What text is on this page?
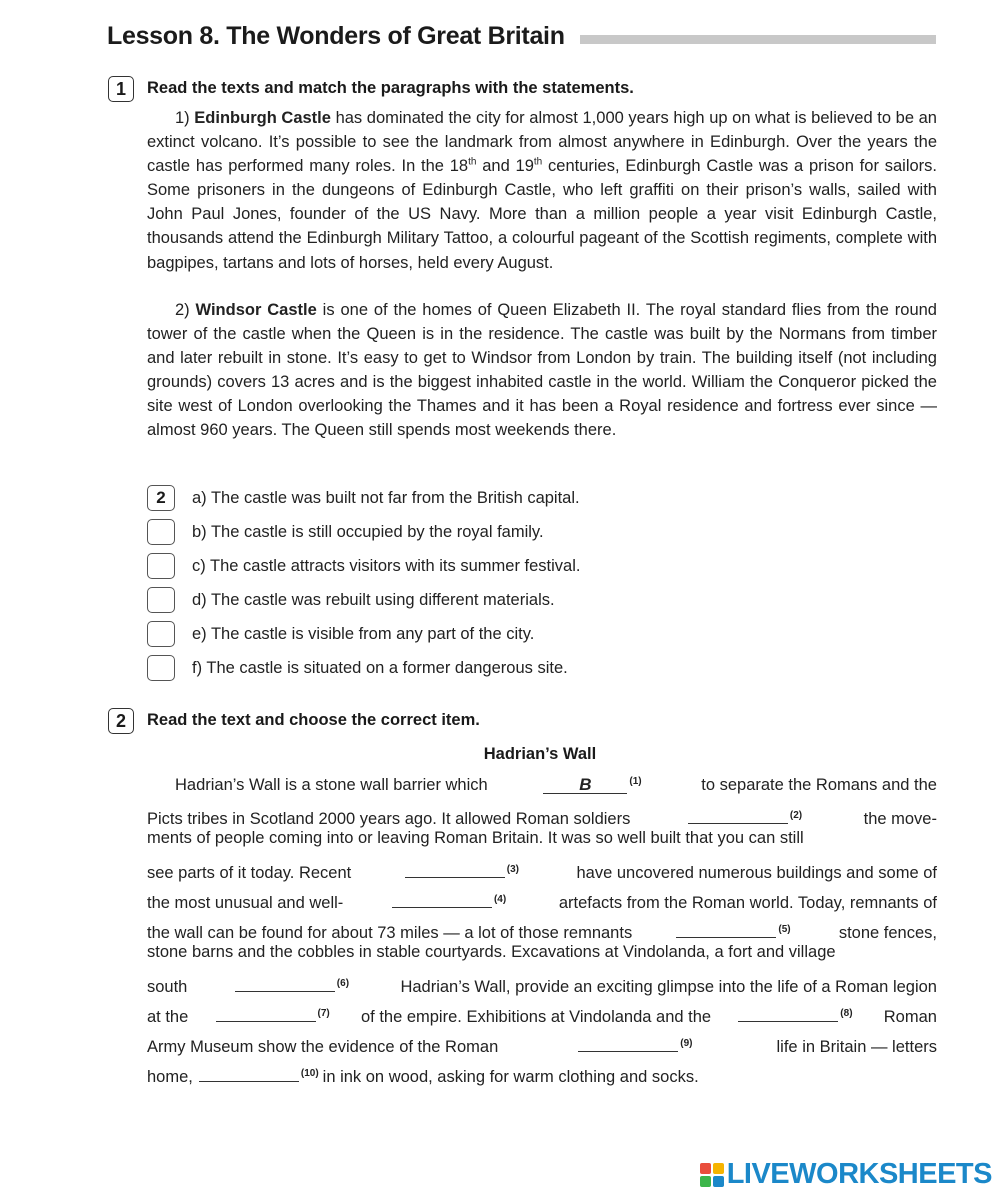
Lesson 8. The Wonders of Great Britain
1	Read the texts and match the paragraphs with the statements.
1) Edinburgh Castle has dominated the city for almost 1,000 years high up on what is believed to be an extinct volcano. It’s possible to see the landmark from almost anywhere in Edinburgh. Over the years the castle has performed many roles. In the 18th and 19th centuries, Edinburgh Castle was a prison for sailors. Some prisoners in the dungeons of Edinburgh Castle, who left graffiti on their prison’s walls, sailed with John Paul Jones, founder of the US Navy. More than a million people a year visit Edinburgh Castle, thousands attend the Edinburgh Military Tattoo, a colourful pageant of the Scottish regiments, complete with bagpipes, tartans and lots of horses, held every August.
2) Windsor Castle is one of the homes of Queen Elizabeth II. The royal standard flies from the round tower of the castle when the Queen is in the residence. The castle was built by the Normans from timber and later rebuilt in stone. It’s easy to get to Windsor from London by train. The building itself (not including grounds) covers 13 acres and is the biggest inhabited castle in the world. William the Conqueror picked the site west of London overlooking the Thames and it has been a Royal residence and fortress ever since — almost 960 years. The Queen still spends most weekends there.
2	a) The castle was built not far from the British capital.
b) The castle is still occupied by the royal family.
c) The castle attracts visitors with its summer festival.
d) The castle was rebuilt using different materials.
e) The castle is visible from any part of the city.
f) The castle is situated on a former dangerous site.
2	Read the text and choose the correct item.
Hadrian’s Wall
Hadrian’s Wall is a stone wall barrier which	B	$^{(1)}$	to separate the Romans and the
Picts tribes in Scotland 2000 years ago. It allowed Roman soldiers	$^{(2)}$	the move-
ments of people coming into or leaving Roman Britain. It was so well built that you can still
see parts of it today. Recent	$^{(3)}$	have uncovered numerous buildings and some of
the most unusual and well-	$^{(4)}$	artefacts from the Roman world. Today, remnants of
the wall can be found for about 73 miles — a lot of those remnants	$^{(5)}$	stone fences,
stone barns and the cobbles in stable courtyards. Excavations at Vindolanda, a fort and village
south	$^{(6)}$	Hadrian’s Wall, provide an exciting glimpse into the life of a Roman legion
at the	$^{(7)}$ of the empire. Exhibitions at Vindolanda and the	$^{(8)}$ Roman
Army Museum show the evidence of the Roman	$^{(9)}$	life in Britain — letters
home,	$^{(10)}$ in ink on wood, asking for warm clothing and socks.
LIVEWORKSHEETS
